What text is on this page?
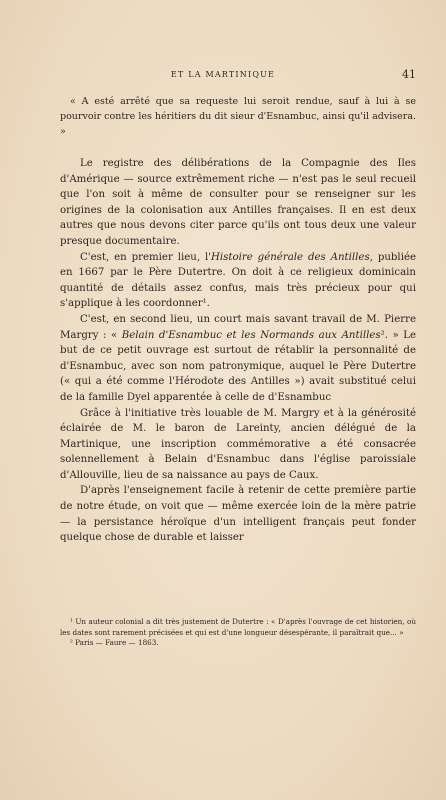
ET LA MARTINIQUE	41
« A esté arrêté que sa requeste lui seroit rendue, sauf à lui à se pourvoir contre les héritiers du dit sieur d'Esnambuc, ainsi qu'il advisera. »

Le registre des délibérations de la Compagnie des Iles d'Amérique — source extrêmement riche — n'est pas le seul recueil que l'on soit à même de consulter pour se renseigner sur les origines de la colonisation aux Antilles françaises. Il en est deux autres que nous devons citer parce qu'ils ont tous deux une valeur presque documentaire.

C'est, en premier lieu, l'Histoire générale des Antilles, publiée en 1667 par le Père Dutertre. On doit à ce religieux dominicain quantité de détails assez confus, mais très précieux pour qui s'applique à les coordonner¹.

C'est, en second lieu, un court mais savant travail de M. Pierre Margry : « Belain d'Esnambuc et les Normands aux Antilles². » Le but de ce petit ouvrage est surtout de rétablir la personnalité de d'Esnambuc, avec son nom patronymique, auquel le Père Dutertre (« qui a été comme l'Hérodote des Antilles ») avait substitué celui de la famille Dyel apparentée à celle de d'Esnambuc

Grâce à l'initiative très louable de M. Margry et à la générosité éclairée de M. le baron de Lareinty, ancien délégué de la Martinique, une inscription commémorative a été consacrée solennellement à Belain d'Esnambuc dans l'église paroissiale d'Allouville, lieu de sa naissance au pays de Caux.

D'après l'enseignement facile à retenir de cette première partie de notre étude, on voit que — même exercée loin de la mère patrie — la persistance héroïque d'un intelligent français peut fonder quelque chose de durable et laisser

¹ Un auteur colonial a dit très justement de Dutertre : « D'après l'ouvrage de cet historien, où les dates sont rarement précisées et qui est d'une longueur désespérante, il paraîtrait que... »

² Paris — Faure — 1863.
